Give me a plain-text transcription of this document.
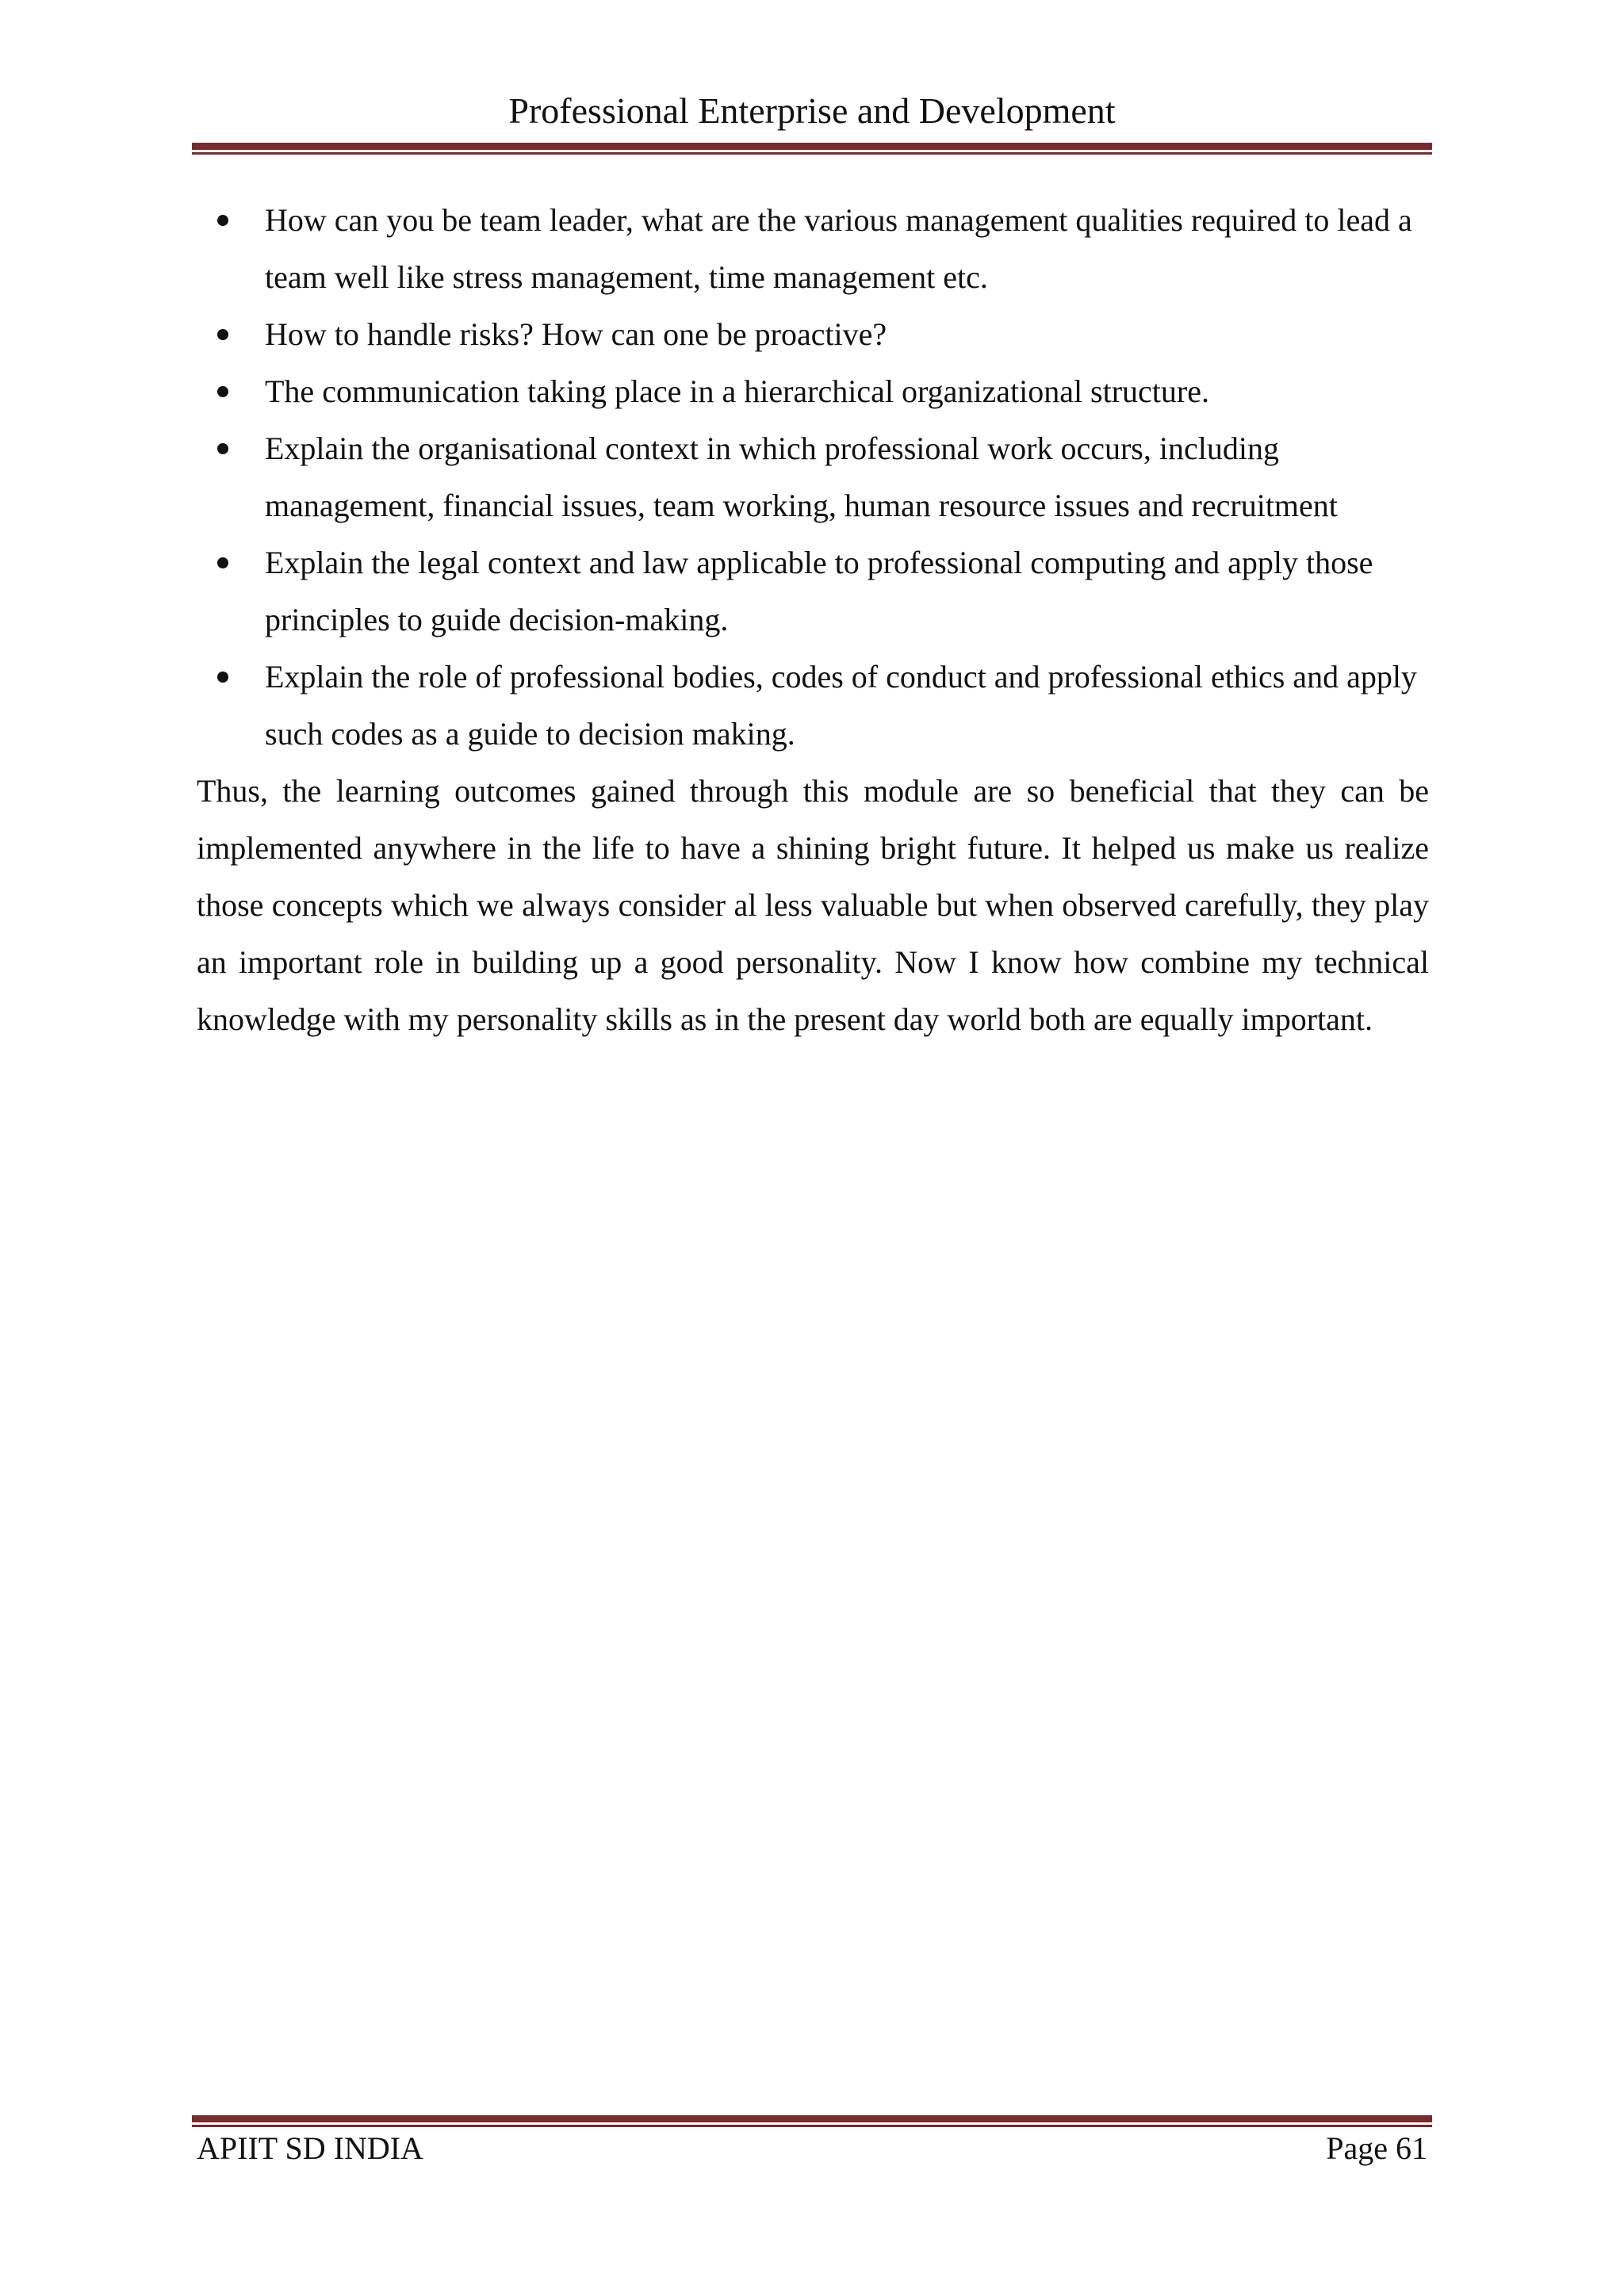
Professional Enterprise and Development
How can you be team leader, what are the various management qualities required to lead a team well like stress management, time management etc.
How to handle risks? How can one be proactive?
The communication taking place in a hierarchical organizational structure.
Explain the organisational context in which professional work occurs, including management, financial issues, team working, human resource issues and recruitment
Explain the legal context and law applicable to professional computing and apply those principles to guide decision-making.
Explain the role of professional bodies, codes of conduct and professional ethics and apply such codes as a guide to decision making.

Thus, the learning outcomes gained through this module are so beneficial that they can be implemented anywhere in the life to have a shining bright future. It helped us make us realize those concepts which we always consider al less valuable but when observed carefully, they play an important role in building up a good personality. Now I know how combine my technical knowledge with my personality skills as in the present day world both are equally important.

APIIT SD INDIA	Page 61
